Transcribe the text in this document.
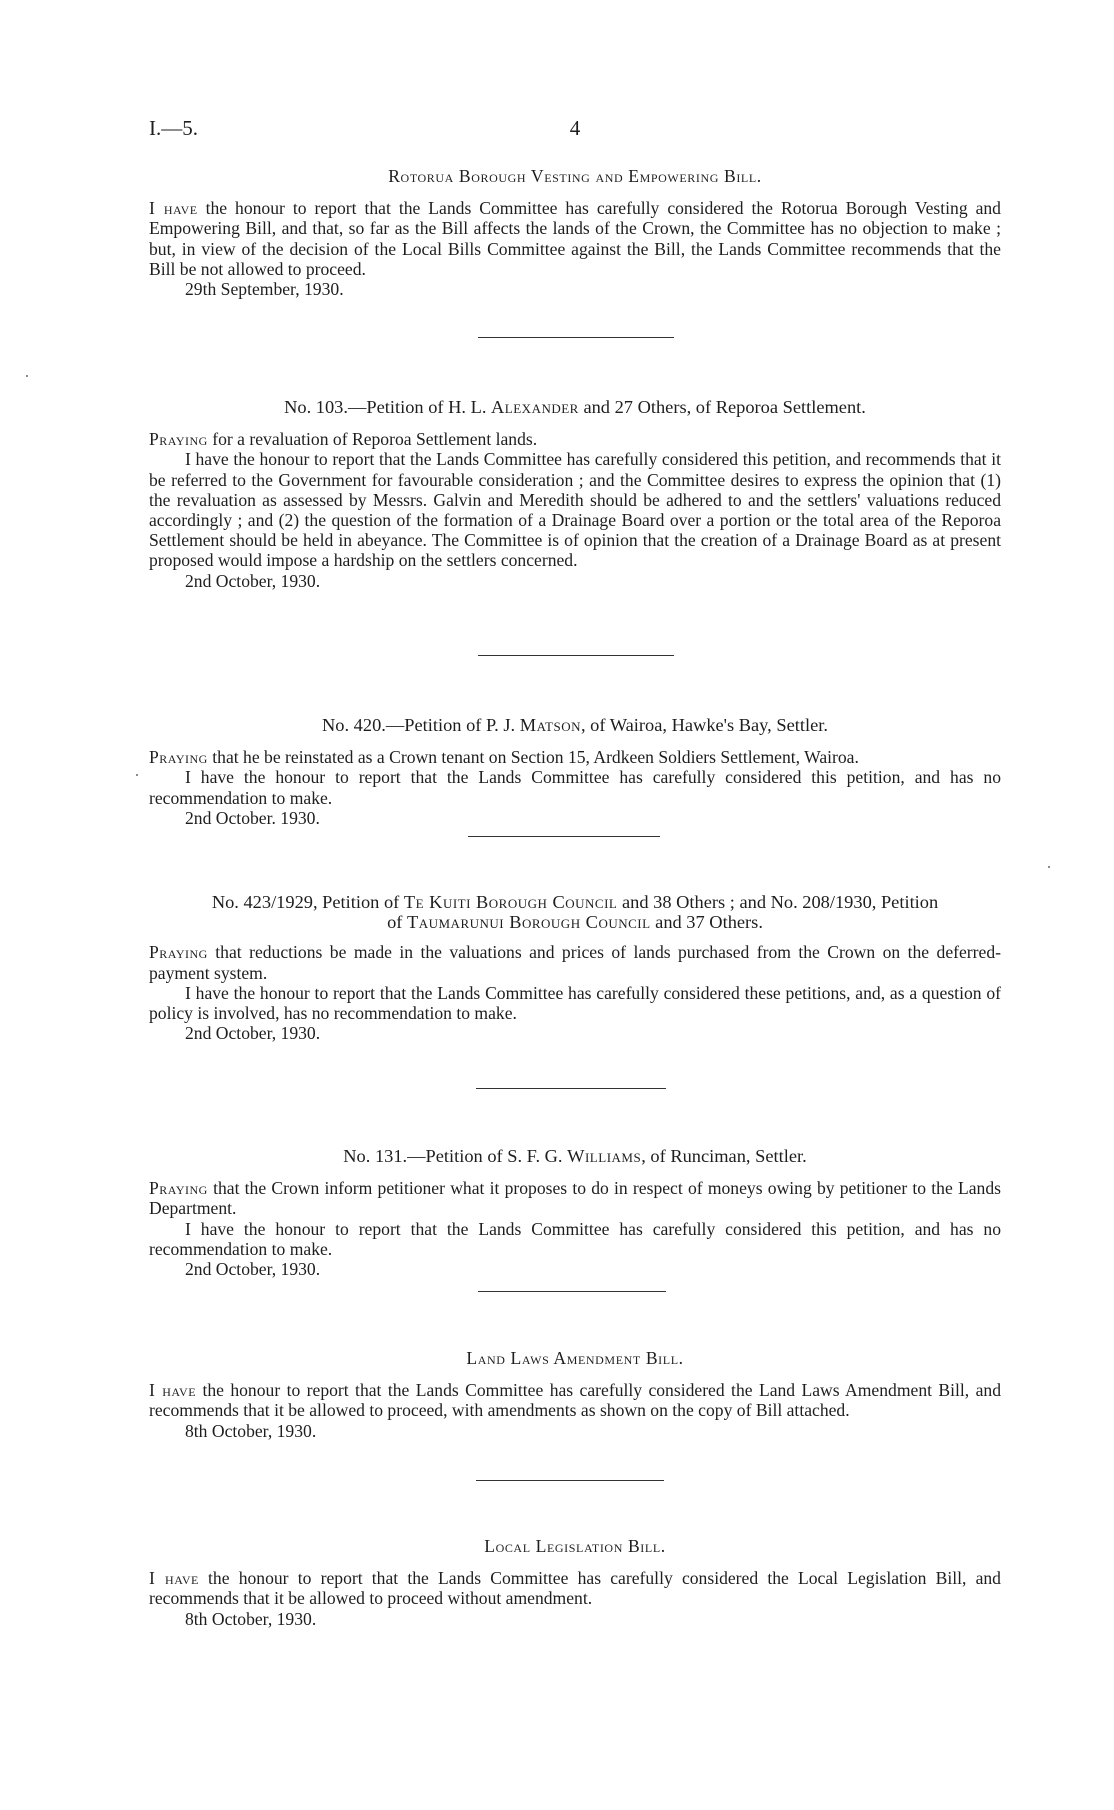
I.—5.	4
Rotorua Borough Vesting and Empowering Bill.

I have the honour to report that the Lands Committee has carefully considered the Rotorua Borough Vesting and Empowering Bill, and that, so far as the Bill affects the lands of the Crown, the Committee has no objection to make ; but, in view of the decision of the Local Bills Committee against the Bill, the Lands Committee recommends that the Bill be not allowed to proceed.

29th September, 1930.

No. 103.—Petition of H. L. Alexander and 27 Others, of Reporoa Settlement.

Praying for a revaluation of Reporoa Settlement lands.

I have the honour to report that the Lands Committee has carefully considered this petition, and recommends that it be referred to the Government for favourable consideration ; and the Committee desires to express the opinion that (1) the revaluation as assessed by Messrs. Galvin and Meredith should be adhered to and the settlers' valuations reduced accordingly ; and (2) the question of the formation of a Drainage Board over a portion or the total area of the Reporoa Settlement should be held in abeyance. The Committee is of opinion that the creation of a Drainage Board as at present proposed would impose a hardship on the settlers concerned.

2nd October, 1930.

No. 420.—Petition of P. J. Matson, of Wairoa, Hawke's Bay, Settler.

Praying that he be reinstated as a Crown tenant on Section 15, Ardkeen Soldiers Settlement, Wairoa.

I have the honour to report that the Lands Committee has carefully considered this petition, and has no recommendation to make.

2nd October. 1930.

No. 423/1929, Petition of Te Kuiti Borough Council and 38 Others ; and No. 208/1930, Petition
of Taumarunui Borough Council and 37 Others.

Praying that reductions be made in the valuations and prices of lands purchased from the Crown on the deferred-payment system.

I have the honour to report that the Lands Committee has carefully considered these petitions, and, as a question of policy is involved, has no recommendation to make.

2nd October, 1930.

No. 131.—Petition of S. F. G. Williams, of Runciman, Settler.

Praying that the Crown inform petitioner what it proposes to do in respect of moneys owing by petitioner to the Lands Department.

I have the honour to report that the Lands Committee has carefully considered this petition, and has no recommendation to make.

2nd October, 1930.

Land Laws Amendment Bill.

I have the honour to report that the Lands Committee has carefully considered the Land Laws Amendment Bill, and recommends that it be allowed to proceed, with amendments as shown on the copy of Bill attached.

8th October, 1930.

Local Legislation Bill.

I have the honour to report that the Lands Committee has carefully considered the Local Legislation Bill, and recommends that it be allowed to proceed without amendment.

8th October, 1930.
